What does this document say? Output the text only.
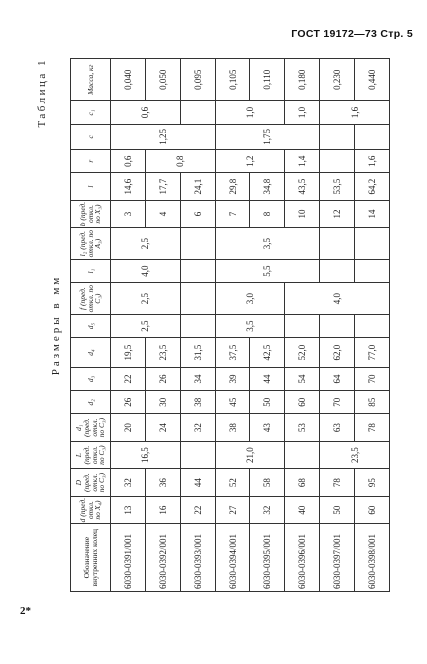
ГОСТ 19172—73 Стр. 5
Таблица 1
Размеры в мм
Обозначение внутренних колец	d (пред. откл. по X₄)	D (пред. откл. по C₃)	L (пред. откл. по C₃)	d₁ (пред. откл. по C₃)	d₂	d₃	d₄	d₅	f (пред. откл. по C₃)	l₁	l₂ (пред. откл. по A₃)	b (пред. откл. по X₃)	l	r	c	c₁	Масса, кг
6030-0391/001	13	32	16,5	20	26	22	19,5	2,5	2,5	4,0	2,5	3	14,6	0,6	1,25	0,6	0,040
6030-0392/001	16	36		24	30	26	23,5					4	17,7	0,8			0,050
6030-0393/001	22	44		32	38	34	31,5					6	24,1				0,095
6030-0394/001	27	52	21,0	38	45	39	37,5	3,5	3,0	5,5	3,5	7	29,8	1,2	1,75	1,0	0,105
6030-0395/001	32	58		43	50	44	42,5					8	34,8				0,110
6030-0396/001	40	68		53	60	54	52,0		4,0			10	43,5	1,4		1,0	0,180
6030-0397/001	50	78	23,5	63	70	64	62,0					12	53,5			1,6	0,230
6030-0398/001	60	95		78	85	70	77,0					14	64,2	1,6			0,440
2*
